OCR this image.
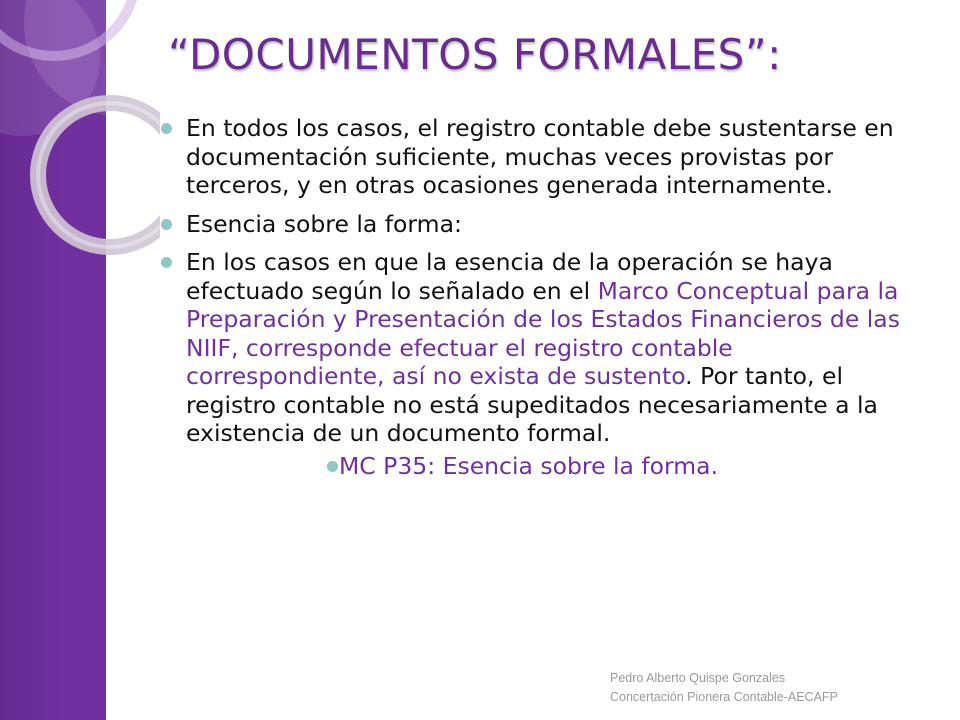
“DOCUMENTOS FORMALES”:
En todos los casos, el registro contable debe sustentarse en documentación suficiente, muchas veces provistas por terceros, y en otras ocasiones generada internamente.
Esencia sobre la forma:
En los casos en que la esencia de la operación se haya efectuado según lo señalado en el Marco Conceptual para la Preparación y Presentación de los Estados Financieros de las NIIF, corresponde efectuar el registro contable correspondiente, así no exista de sustento. Por tanto, el registro contable no está supeditados necesariamente a la existencia de un documento formal.
MC P35: Esencia sobre la forma.
Pedro Alberto Quispe Gonzales
Concertación Pionera Contable-AECAFP
